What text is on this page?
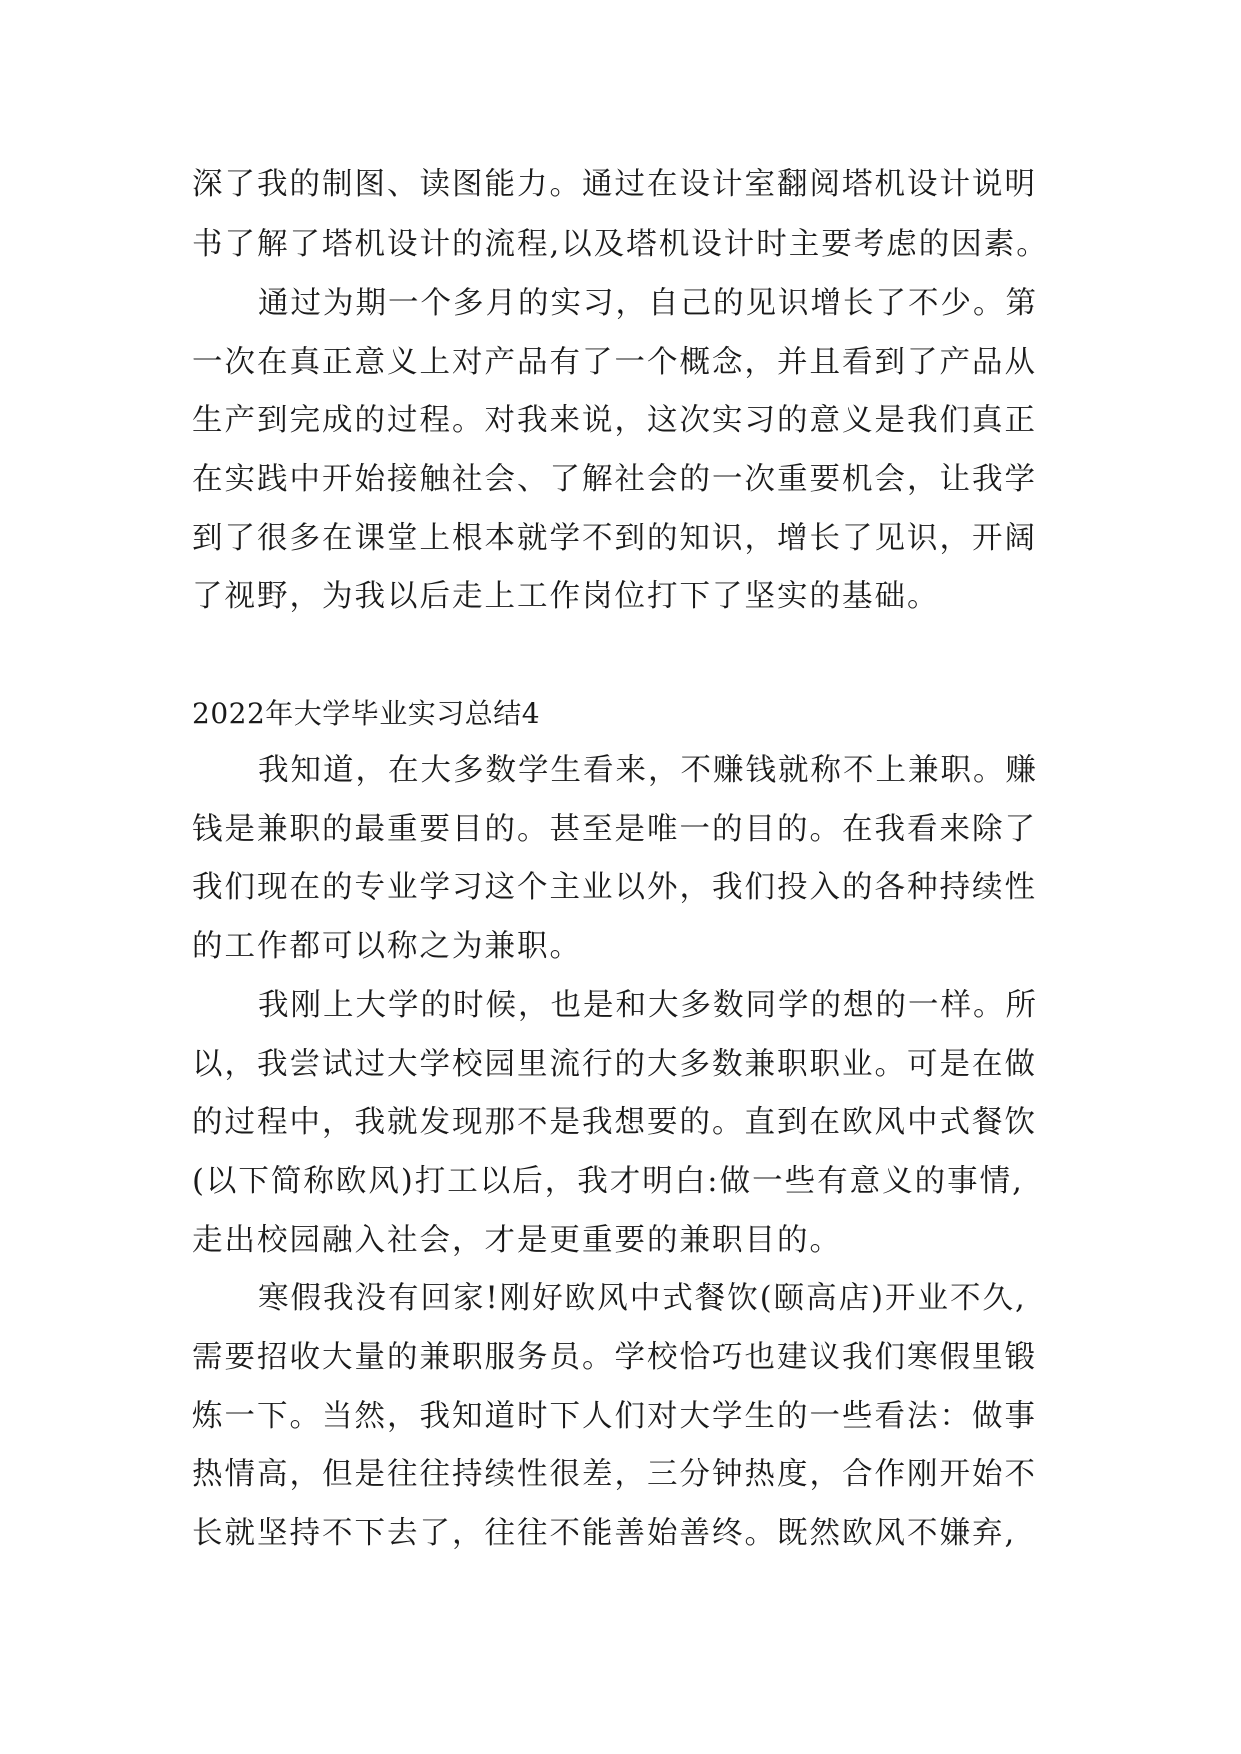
深了我的制图、读图能力。通过在设计室翻阅塔机设计说明
书了解了塔机设计的流程,以及塔机设计时主要考虑的因素。
通过为期一个多月的实习，自己的见识增长了不少。第
一次在真正意义上对产品有了一个概念，并且看到了产品从
生产到完成的过程。对我来说，这次实习的意义是我们真正
在实践中开始接触社会、了解社会的一次重要机会，让我学
到了很多在课堂上根本就学不到的知识，增长了见识，开阔
了视野，为我以后走上工作岗位打下了坚实的基础。
2022年大学毕业实习总结4
我知道，在大多数学生看来，不赚钱就称不上兼职。赚
钱是兼职的最重要目的。甚至是唯一的目的。在我看来除了
我们现在的专业学习这个主业以外，我们投入的各种持续性
的工作都可以称之为兼职。
我刚上大学的时候，也是和大多数同学的想的一样。所
以，我尝试过大学校园里流行的大多数兼职职业。可是在做
的过程中，我就发现那不是我想要的。直到在欧风中式餐饮
(以下简称欧风)打工以后，我才明白:做一些有意义的事情,
走出校园融入社会，才是更重要的兼职目的。
寒假我没有回家!刚好欧风中式餐饮(颐高店)开业不久,
需要招收大量的兼职服务员。学校恰巧也建议我们寒假里锻
炼一下。当然，我知道时下人们对大学生的一些看法：做事
热情高，但是往往持续性很差，三分钟热度，合作刚开始不
长就坚持不下去了，往往不能善始善终。既然欧风不嫌弃,
